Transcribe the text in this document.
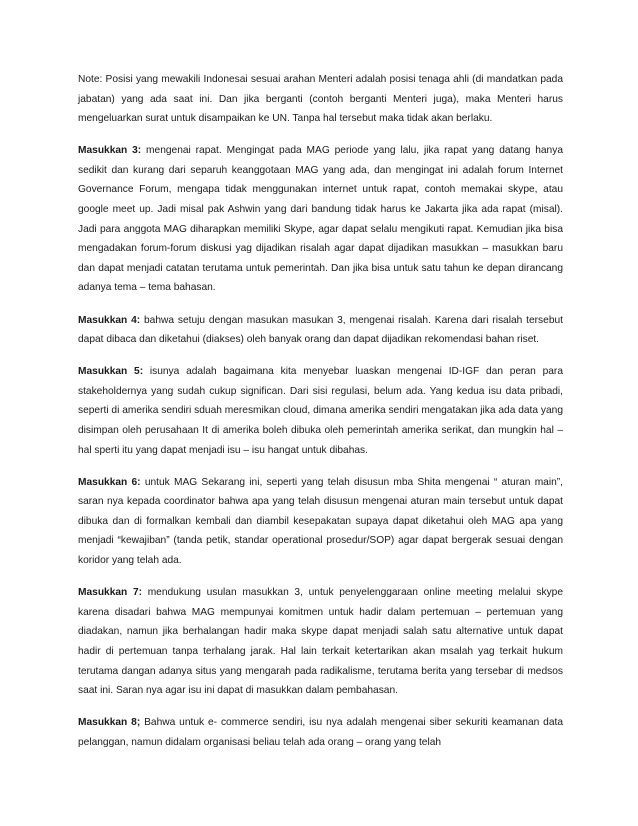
Note: Posisi yang mewakili Indonesai sesuai arahan Menteri adalah posisi tenaga ahli (di mandatkan pada jabatan) yang ada saat ini. Dan jika berganti (contoh berganti Menteri juga), maka Menteri harus mengeluarkan surat untuk disampaikan ke UN. Tanpa hal tersebut maka tidak akan berlaku.

Masukkan 3: mengenai rapat. Mengingat pada MAG periode yang lalu, jika rapat yang datang hanya sedikit dan kurang dari separuh keanggotaan MAG yang ada, dan mengingat ini adalah forum Internet Governance Forum, mengapa tidak menggunakan internet untuk rapat, contoh memakai skype, atau google meet up. Jadi misal pak Ashwin yang dari bandung tidak harus ke Jakarta jika ada rapat (misal). Jadi para anggota MAG diharapkan memiliki Skype, agar dapat selalu mengikuti rapat. Kemudian jika bisa mengadakan forum-forum diskusi yag dijadikan risalah agar dapat dijadikan masukkan – masukkan baru dan dapat menjadi catatan terutama untuk pemerintah. Dan jika bisa untuk satu tahun ke depan dirancang adanya tema – tema bahasan.

Masukkan 4: bahwa setuju dengan masukan masukan 3, mengenai risalah. Karena dari risalah tersebut dapat dibaca dan diketahui (diakses) oleh banyak orang dan dapat dijadikan rekomendasi bahan riset.

Masukkan 5: isunya adalah bagaimana kita menyebar luaskan mengenai ID-IGF dan peran para stakeholdernya yang sudah cukup significan. Dari sisi regulasi, belum ada. Yang kedua isu data pribadi, seperti di amerika sendiri sduah meresmikan cloud, dimana amerika sendiri mengatakan jika ada data yang disimpan oleh perusahaan It di amerika boleh dibuka oleh pemerintah amerika serikat, dan mungkin hal – hal sperti itu yang dapat menjadi isu – isu hangat untuk dibahas.

Masukkan 6: untuk MAG Sekarang ini, seperti yang telah disusun mba Shita mengenai “ aturan main”, saran nya kepada coordinator bahwa apa yang telah disusun mengenai aturan main tersebut untuk dapat dibuka dan di formalkan kembali dan diambil kesepakatan supaya dapat diketahui oleh MAG apa yang menjadi “kewajiban” (tanda petik, standar operational prosedur/SOP) agar dapat bergerak sesuai dengan koridor yang telah ada.

Masukkan 7: mendukung usulan masukkan 3, untuk penyelenggaraan online meeting melalui skype karena disadari bahwa MAG mempunyai komitmen untuk hadir dalam pertemuan – pertemuan yang diadakan, namun jika berhalangan hadir maka skype dapat menjadi salah satu alternative untuk dapat hadir di pertemuan tanpa terhalang jarak. Hal lain terkait ketertarikan akan msalah yag terkait hukum terutama dangan adanya situs yang mengarah pada radikalisme, terutama berita yang tersebar di medsos saat ini. Saran nya agar isu ini dapat di masukkan dalam pembahasan.

Masukkan 8; Bahwa untuk e- commerce sendiri, isu nya adalah mengenai siber sekuriti keamanan data pelanggan, namun didalam organisasi beliau telah ada orang – orang yang telah
